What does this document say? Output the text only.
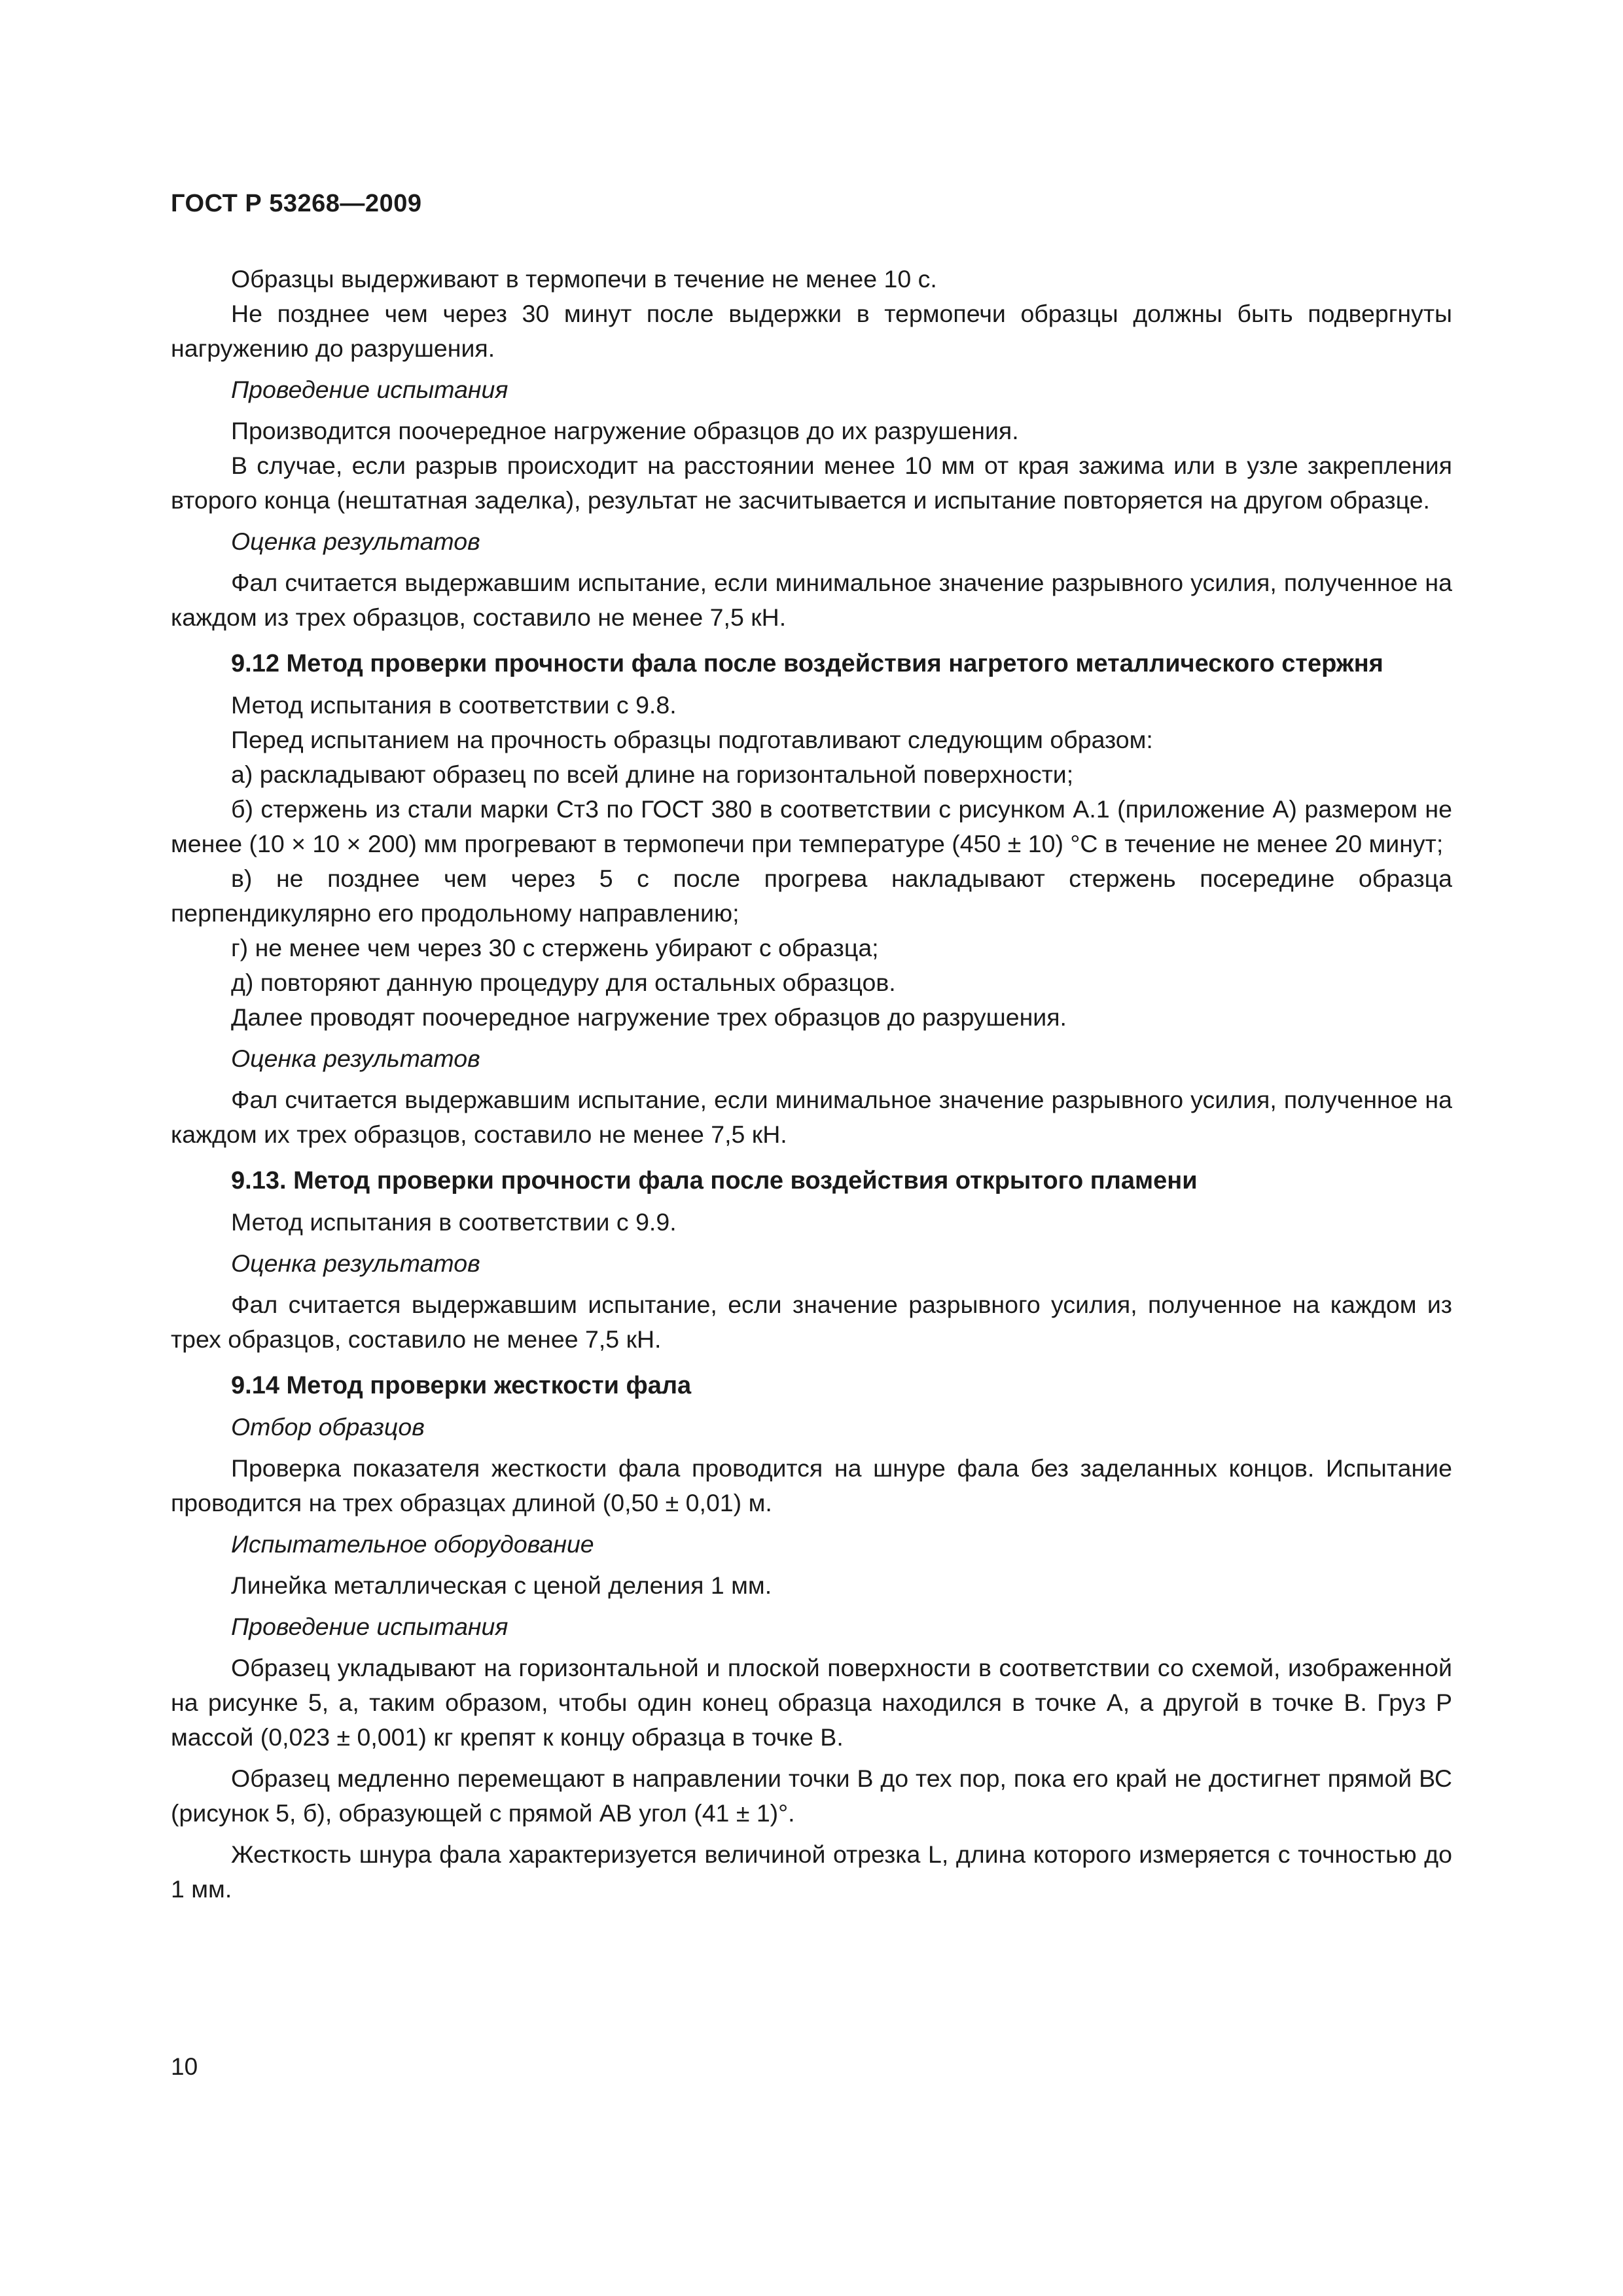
ГОСТ Р 53268—2009

Образцы выдерживают в термопечи в течение не менее 10 с.

Не позднее чем через 30 минут после выдержки в термопечи образцы должны быть подвергнуты нагружению до разрушения.

Проведение испытания

Производится поочередное нагружение образцов до их разрушения.

В случае, если разрыв происходит на расстоянии менее 10 мм от края зажима или в узле закрепления второго конца (нештатная заделка), результат не засчитывается и испытание повторяется на другом образце.

Оценка результатов

Фал считается выдержавшим испытание, если минимальное значение разрывного усилия, полученное на каждом из трех образцов, составило не менее 7,5 кН.

9.12 Метод проверки прочности фала после воздействия нагретого металлического стержня

Метод испытания в соответствии с 9.8.

Перед испытанием на прочность образцы подготавливают следующим образом:

а) раскладывают образец по всей длине на горизонтальной поверхности;

б) стержень из стали марки Ст3 по ГОСТ 380 в соответствии с рисунком А.1 (приложение А) размером не менее (10 × 10 × 200) мм прогревают в термопечи при температуре (450 ± 10) °С в течение не менее 20 минут;

в) не позднее чем через 5 с после прогрева накладывают стержень посередине образца перпендикулярно его продольному направлению;

г) не менее чем через 30 с стержень убирают с образца;

д) повторяют данную процедуру для остальных образцов.

Далее проводят поочередное нагружение трех образцов до разрушения.

Оценка результатов

Фал считается выдержавшим испытание, если минимальное значение разрывного усилия, полученное на каждом их трех образцов, составило не менее 7,5 кН.

9.13. Метод проверки прочности фала после воздействия открытого пламени

Метод испытания в соответствии с 9.9.

Оценка результатов

Фал считается выдержавшим испытание, если значение разрывного усилия, полученное на каждом из трех образцов, составило не менее 7,5 кН.

9.14 Метод проверки жесткости фала

Отбор образцов

Проверка показателя жесткости фала проводится на шнуре фала без заделанных концов. Испытание проводится на трех образцах длиной (0,50 ± 0,01) м.

Испытательное оборудование

Линейка металлическая с ценой деления 1 мм.

Проведение испытания

Образец укладывают на горизонтальной и плоской поверхности в соответствии со схемой, изображенной на рисунке 5, а, таким образом, чтобы один конец образца находился в точке А, а другой в точке В. Груз Р массой (0,023 ± 0,001) кг крепят к концу образца в точке В.

Образец медленно перемещают в направлении точки В до тех пор, пока его край не достигнет прямой ВС (рисунок 5, б), образующей с прямой АВ угол (41 ± 1)°.

Жесткость шнура фала характеризуется величиной отрезка L, длина которого измеряется с точностью до 1 мм.

10
